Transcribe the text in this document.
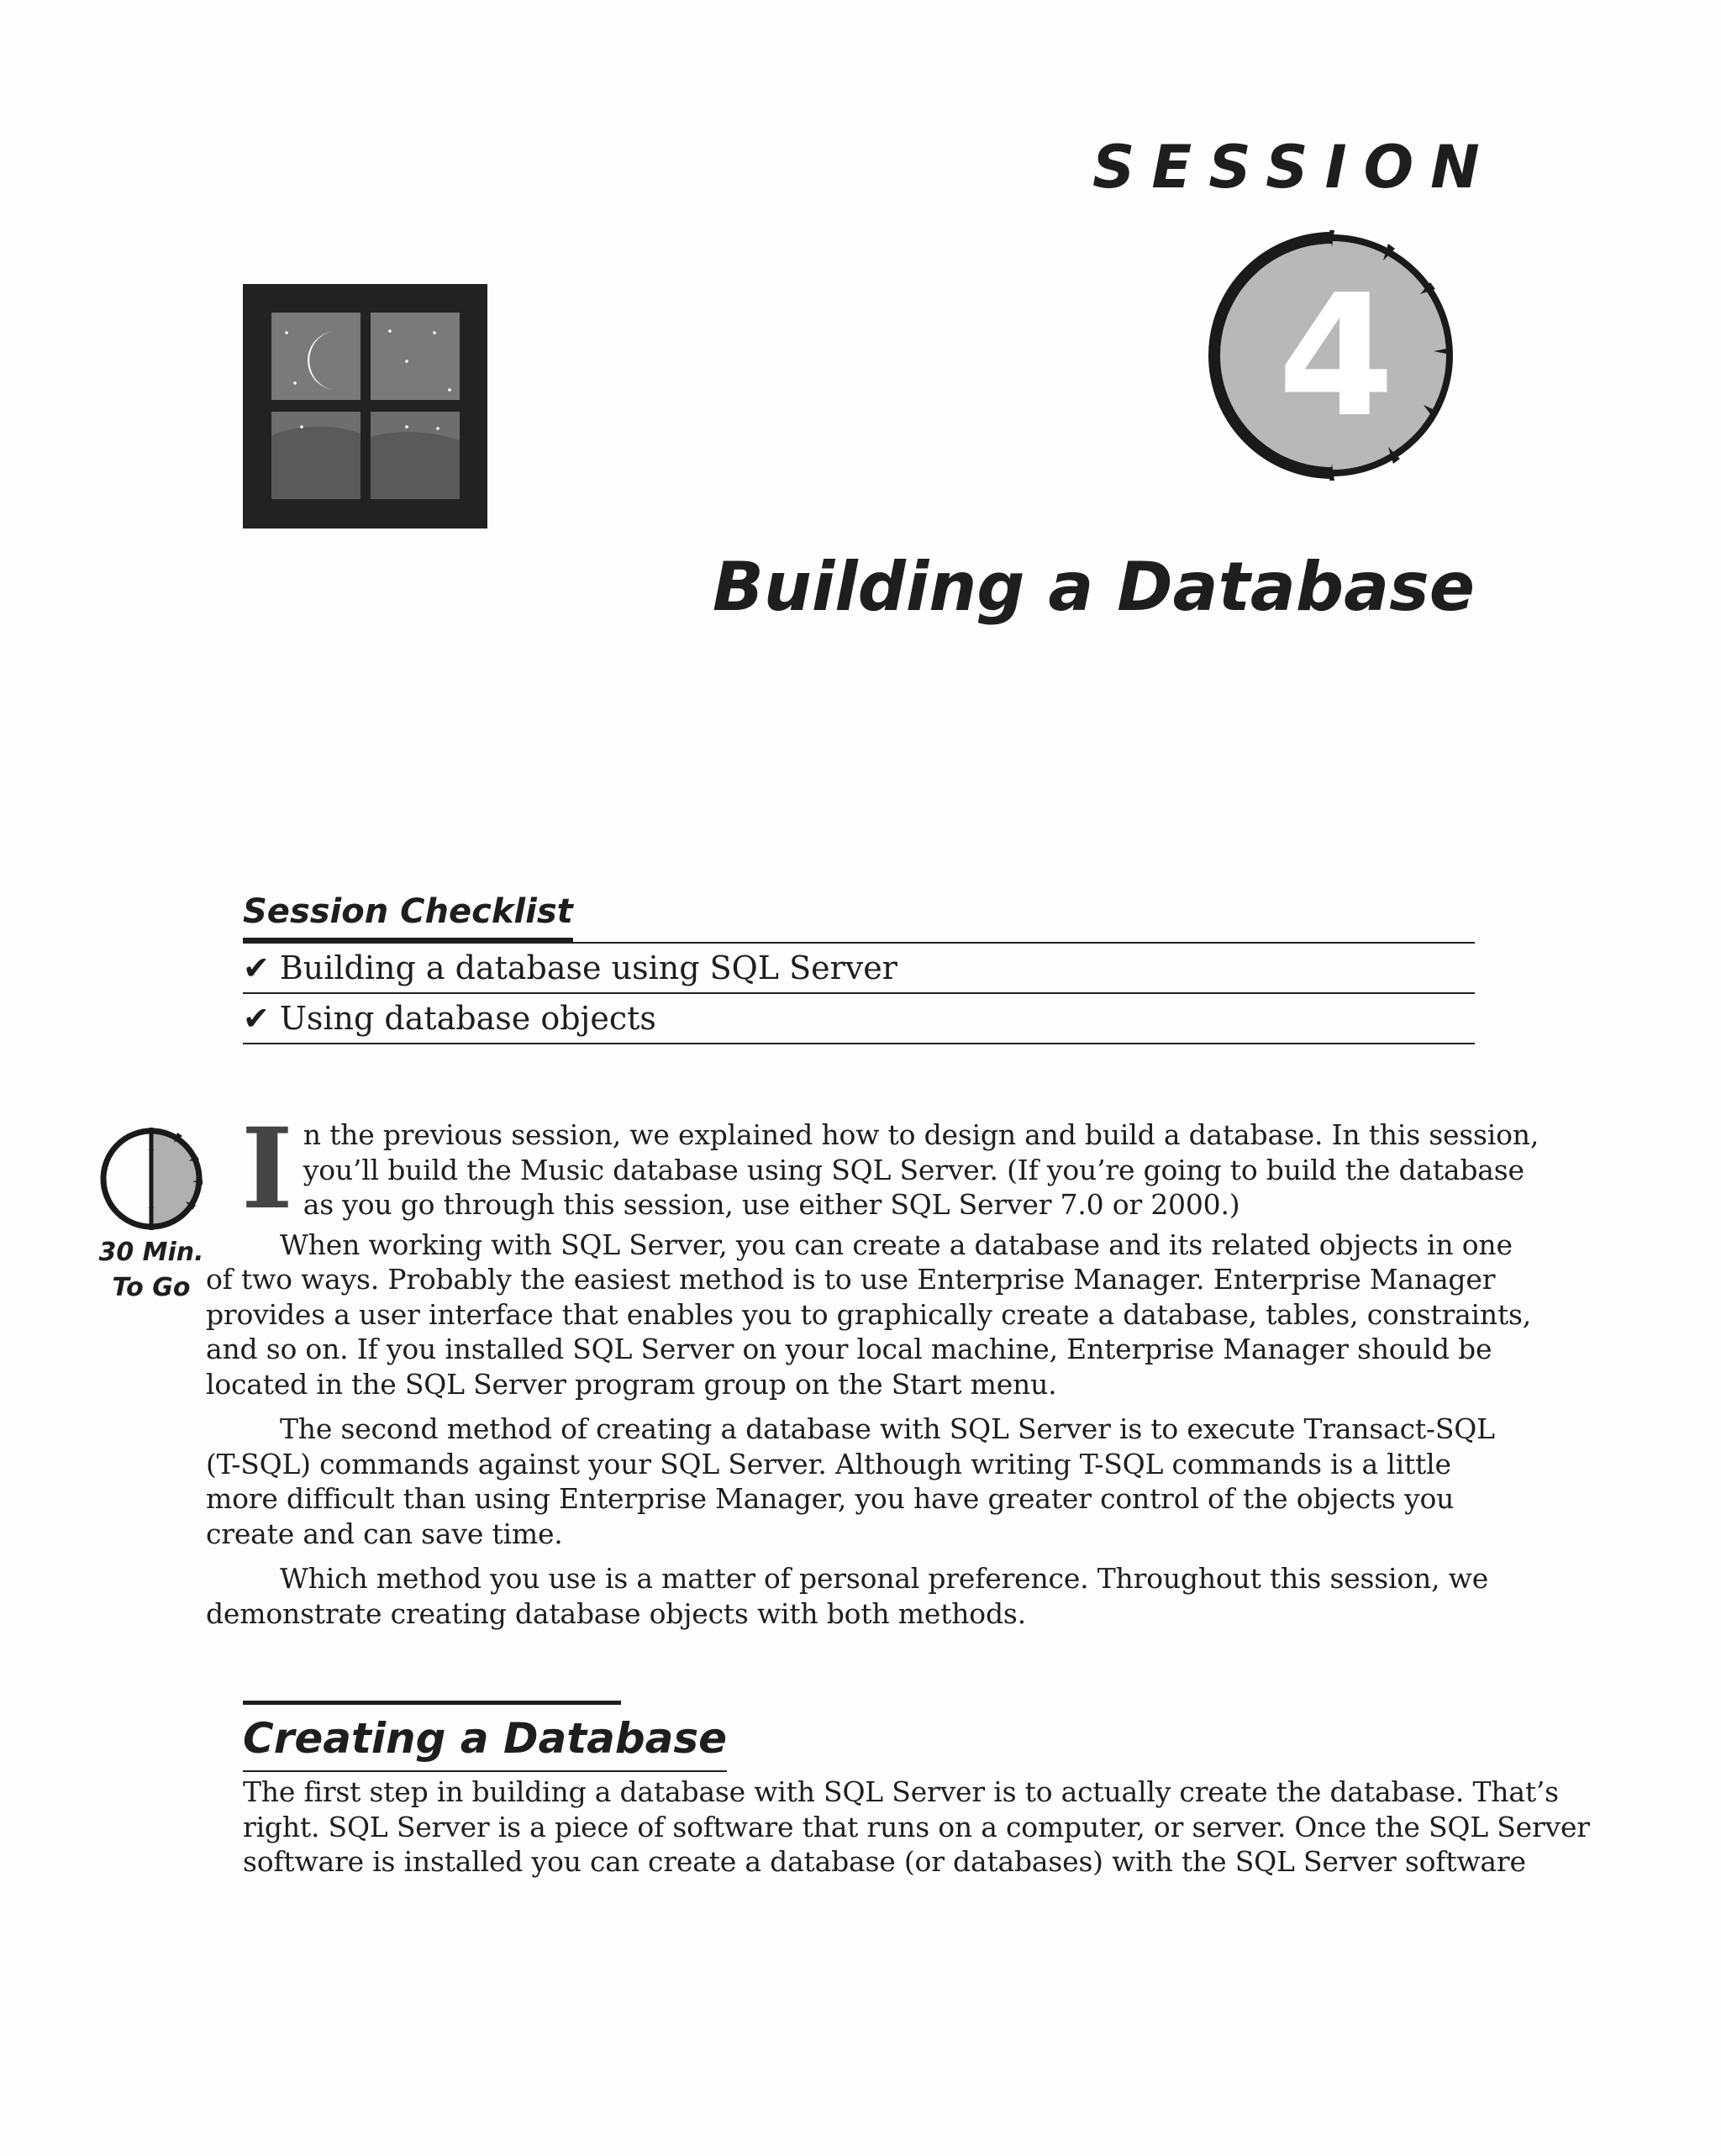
SESSION
4
Building a Database
Session Checklist
✔ Building a database using SQL Server
✔ Using database objects
30 Min.
To Go
I n the previous session, we explained how to design and build a database. In this session,
you’ll build the Music database using SQL Server. (If you’re going to build the database
as you go through this session, use either SQL Server 7.0 or 2000.)

When working with SQL Server, you can create a database and its related objects in one
of two ways. Probably the easiest method is to use Enterprise Manager. Enterprise Manager
provides a user interface that enables you to graphically create a database, tables, constraints,
and so on. If you installed SQL Server on your local machine, Enterprise Manager should be
located in the SQL Server program group on the Start menu.

The second method of creating a database with SQL Server is to execute Transact-SQL
(T-SQL) commands against your SQL Server. Although writing T-SQL commands is a little
more difficult than using Enterprise Manager, you have greater control of the objects you
create and can save time.

Which method you use is a matter of personal preference. Throughout this session, we
demonstrate creating database objects with both methods.

Creating a Database

The first step in building a database with SQL Server is to actually create the database. That’s
right. SQL Server is a piece of software that runs on a computer, or server. Once the SQL Server
software is installed you can create a database (or databases) with the SQL Server software
